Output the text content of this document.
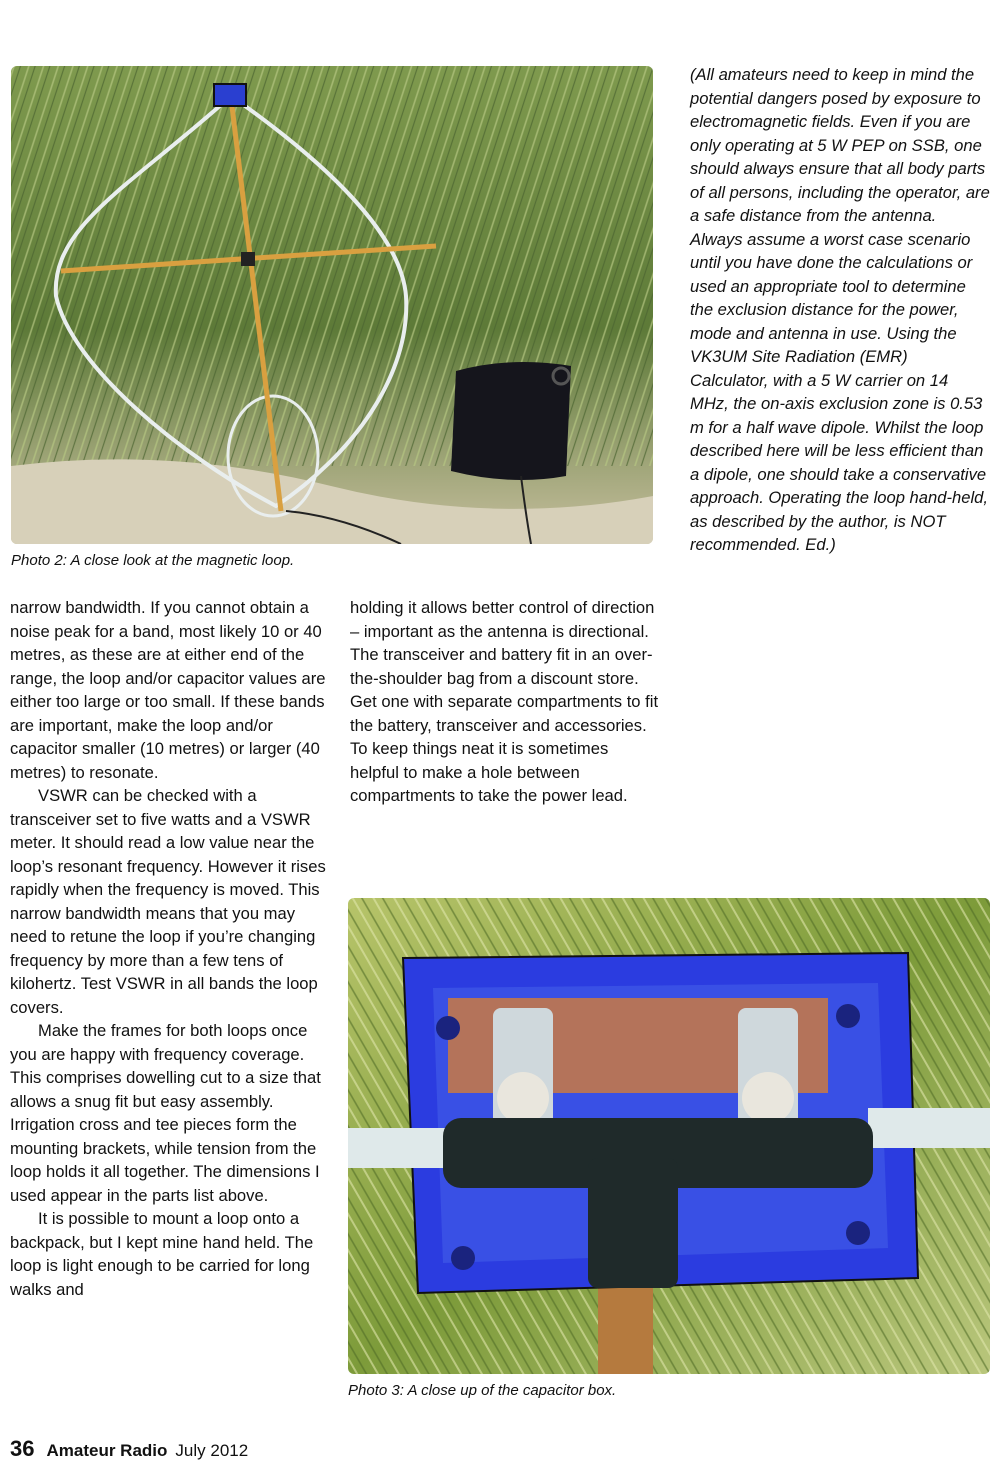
Photo 2: A close look at the magnetic loop.

(All amateurs need to keep in mind the potential dangers posed by exposure to electromagnetic fields. Even if you are only operating at 5 W PEP on SSB, one should always ensure that all body parts of all persons, including the operator, are a safe distance from the antenna. Always assume a worst case scenario until you have done the calculations or used an appropriate tool to determine the exclusion distance for the power, mode and antenna in use. Using the VK3UM Site Radiation (EMR) Calculator, with a 5 W carrier on 14 MHz, the on-axis exclusion zone is 0.53 m for a half wave dipole. Whilst the loop described here will be less efficient than a dipole, one should take a conservative approach. Operating the loop hand-held, as described by the author, is NOT recommended. Ed.)

narrow bandwidth. If you cannot obtain a noise peak for a band, most likely 10 or 40 metres, as these are at either end of the range, the loop and/or capacitor values are either too large or too small. If these bands are important, make the loop and/or capacitor smaller (10 metres) or larger (40 metres) to resonate.

VSWR can be checked with a transceiver set to five watts and a VSWR meter. It should read a low value near the loop’s resonant frequency. However it rises rapidly when the frequency is moved. This narrow bandwidth means that you may need to retune the loop if you’re changing frequency by more than a few tens of kilohertz. Test VSWR in all bands the loop covers.

Make the frames for both loops once you are happy with frequency coverage. This comprises dowelling cut to a size that allows a snug fit but easy assembly. Irrigation cross and tee pieces form the mounting brackets, while tension from the loop holds it all together. The dimensions I used appear in the parts list above.

It is possible to mount a loop onto a backpack, but I kept mine hand held. The loop is light enough to be carried for long walks and

holding it allows better control of direction – important as the antenna is directional. The transceiver and battery fit in an over-the-shoulder bag from a discount store. Get one with separate compartments to fit the battery, transceiver and accessories. To keep things neat it is sometimes helpful to make a hole between compartments to take the power lead.

Photo 3: A close up of the capacitor box.

36 Amateur Radio July 2012
